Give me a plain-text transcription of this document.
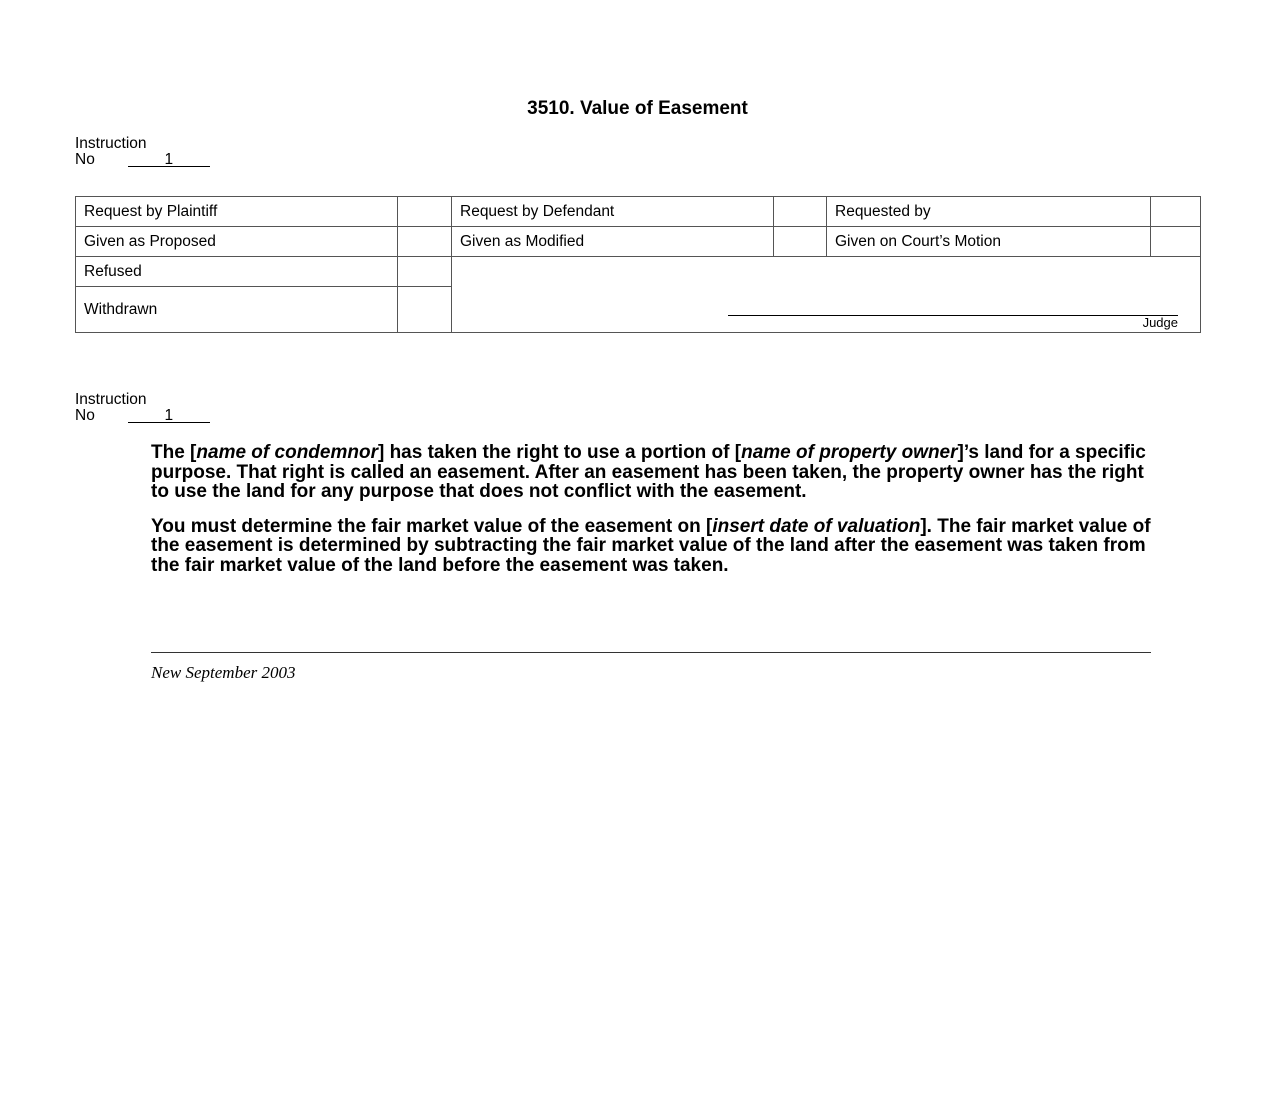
3510. Value of Easement
Instruction
No	1
Request by Plaintiff		Request by Defendant		Requested by	
Given as Proposed		Given as Modified		Given on Court’s Motion	
Refused		Judge			

Withdrawn					
Instruction
No	1

The [name of condemnor] has taken the right to use a portion of [name of property owner]’s land for a specific purpose. That right is called an easement. After an easement has been taken, the property owner has the right to use the land for any purpose that does not conflict with the easement.

You must determine the fair market value of the easement on [insert date of valuation]. The fair market value of the easement is determined by subtracting the fair market value of the land after the easement was taken from the fair market value of the land before the easement was taken.

New September 2003
